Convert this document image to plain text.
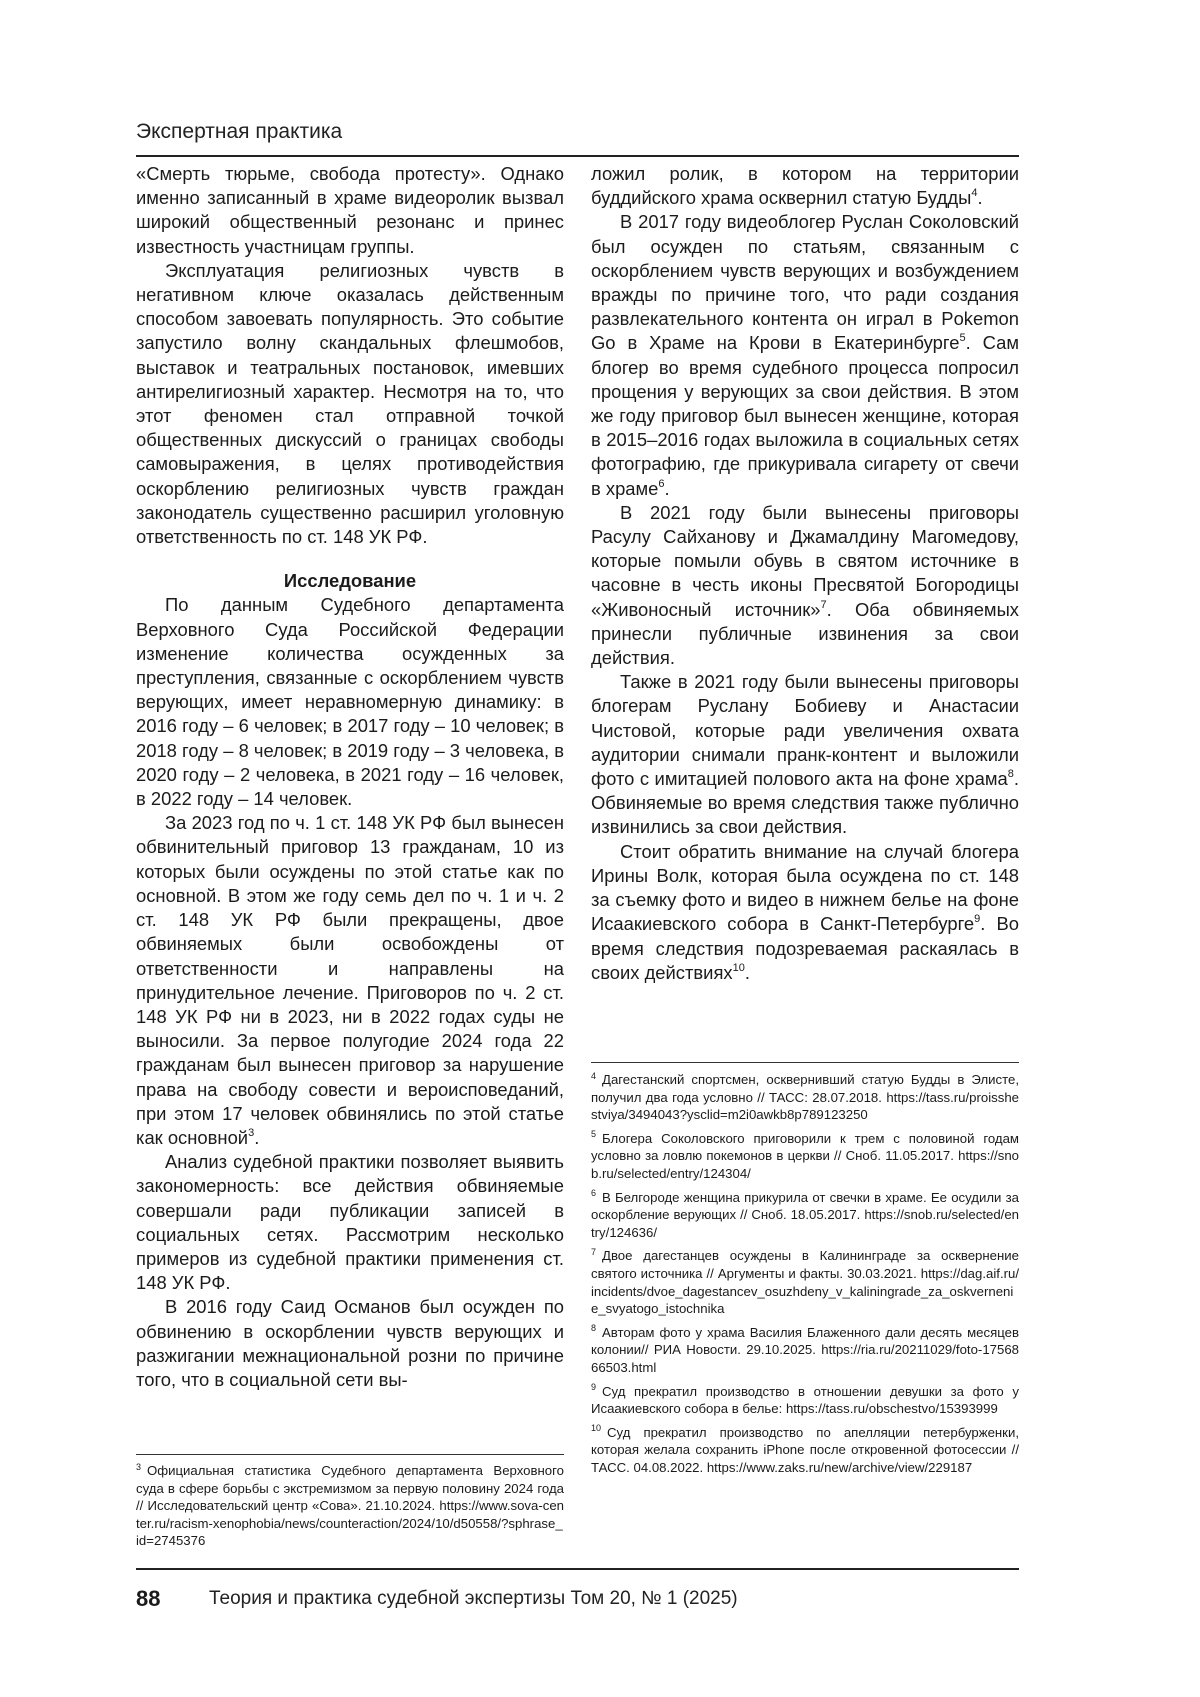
Экспертная практика

«Смерть тюрьме, свобода протесту». Однако именно записанный в храме видеоролик вызвал широкий общественный резонанс и принес известность участницам группы.

Эксплуатация религиозных чувств в негативном ключе оказалась действенным способом завоевать популярность. Это событие запустило волну скандальных флешмобов, выставок и театральных постановок, имевших антирелигиозный характер. Несмотря на то, что этот феномен стал отправной точкой общественных дискуссий о границах свободы самовыражения, в целях противодействия оскорблению религиозных чувств граждан законодатель существенно расширил уголовную ответственность по ст. 148 УК РФ.

Исследование

По данным Судебного департамента Верховного Суда Российской Федерации изменение количества осужденных за преступления, связанные с оскорблением чувств верующих, имеет неравномерную динамику: в 2016 году – 6 человек; в 2017 году – 10 человек; в 2018 году – 8 человек; в 2019 году – 3 человека, в 2020 году – 2 человека, в 2021 году – 16 человек, в 2022 году – 14 человек.

За 2023 год по ч. 1 ст. 148 УК РФ был вынесен обвинительный приговор 13 гражданам, 10 из которых были осуждены по этой статье как по основной. В этом же году семь дел по ч. 1 и ч. 2 ст. 148 УК РФ были прекращены, двое обвиняемых были освобождены от ответственности и направлены на принудительное лечение. Приговоров по ч. 2 ст. 148 УК РФ ни в 2023, ни в 2022 годах суды не выносили. За первое полугодие 2024 года 22 гражданам был вынесен приговор за нарушение права на свободу совести и вероисповеданий, при этом 17 человек обвинялись по этой статье как основной$^3$.

Анализ судебной практики позволяет выявить закономерность: все действия обвиняемые совершали ради публикации записей в социальных сетях. Рассмотрим несколько примеров из судебной практики применения ст. 148 УК РФ.

В 2016 году Саид Османов был осужден по обвинению в оскорблении чувств верующих и разжигании межнациональной розни по причине того, что в социальной сети вы-

ложил ролик, в котором на территории буддийского храма осквернил статую Будды$^4$.

В 2017 году видеоблогер Руслан Соколовский был осужден по статьям, связанным с оскорблением чувств верующих и возбуждением вражды по причине того, что ради создания развлекательного контента он играл в Pokemon Go в Храме на Крови в Екатеринбурге$^5$. Сам блогер во время судебного процесса попросил прощения у верующих за свои действия. В этом же году приговор был вынесен женщине, которая в 2015–2016 годах выложила в социальных сетях фотографию, где прикуривала сигарету от свечи в храме$^6$.

В 2021 году были вынесены приговоры Расулу Сайханову и Джамалдину Магомедову, которые помыли обувь в святом источнике в часовне в честь иконы Пресвятой Богородицы «Живоносный источник»$^7$. Оба обвиняемых принесли публичные извинения за свои действия.

Также в 2021 году были вынесены приговоры блогерам Руслану Бобиеву и Анастасии Чистовой, которые ради увеличения охвата аудитории снимали пранк-контент и выложили фото с имитацией полового акта на фоне храма$^8$. Обвиняемые во время следствия также публично извинились за свои действия.

Стоит обратить внимание на случай блогера Ирины Волк, которая была осуждена по ст. 148 за съемку фото и видео в нижнем белье на фоне Исаакиевского собора в Санкт-Петербурге$^9$. Во время следствия подозреваемая раскаялась в своих действиях$^{10}$.

$^3$ Официальная статистика Судебного департамента Верховного суда в сфере борьбы с экстремизмом за первую половину 2024 года // Исследовательский центр «Сова». 21.10.2024. https://www.sova-center.ru/racism-xenophobia/news/counteraction/2024/10/d50558/?sphrase_id=2745376

$^4$ Дагестанский спортсмен, осквернивший статую Будды в Элисте, получил два года условно // ТАСС: 28.07.2018. https://tass.ru/proisshestviya/3494043?ysclid=m2i0awkb8p789123250

$^5$ Блогера Соколовского приговорили к трем с половиной годам условно за ловлю покемонов в церкви // Сноб. 11.05.2017. https://snob.ru/selected/entry/124304/

$^6$ В Белгороде женщина прикурила от свечки в храме. Ее осудили за оскорбление верующих // Сноб. 18.05.2017. https://snob.ru/selected/entry/124636/

$^7$ Двое дагестанцев осуждены в Калининграде за осквернение святого источника // Аргументы и факты. 30.03.2021. https://dag.aif.ru/incidents/dvoe_dagestancev_osuzhdeny_v_kaliningrade_za_oskvernenie_svyatogo_istochnika

$^8$ Авторам фото у храма Василия Блаженного дали десять месяцев колонии// РИА Новости. 29.10.2025. https://ria.ru/20211029/foto-1756866503.html

$^9$ Суд прекратил производство в отношении девушки за фото у Исаакиевского собора в белье: https://tass.ru/obschestvo/15393999

$^{10}$ Суд прекратил производство по апелляции петербурженки, которая желала сохранить iPhone после откровенной фотосессии // ТАСС. 04.08.2022. https://www.zaks.ru/new/archive/view/229187

88	Теория и практика судебной экспертизы Том 20, № 1 (2025)
